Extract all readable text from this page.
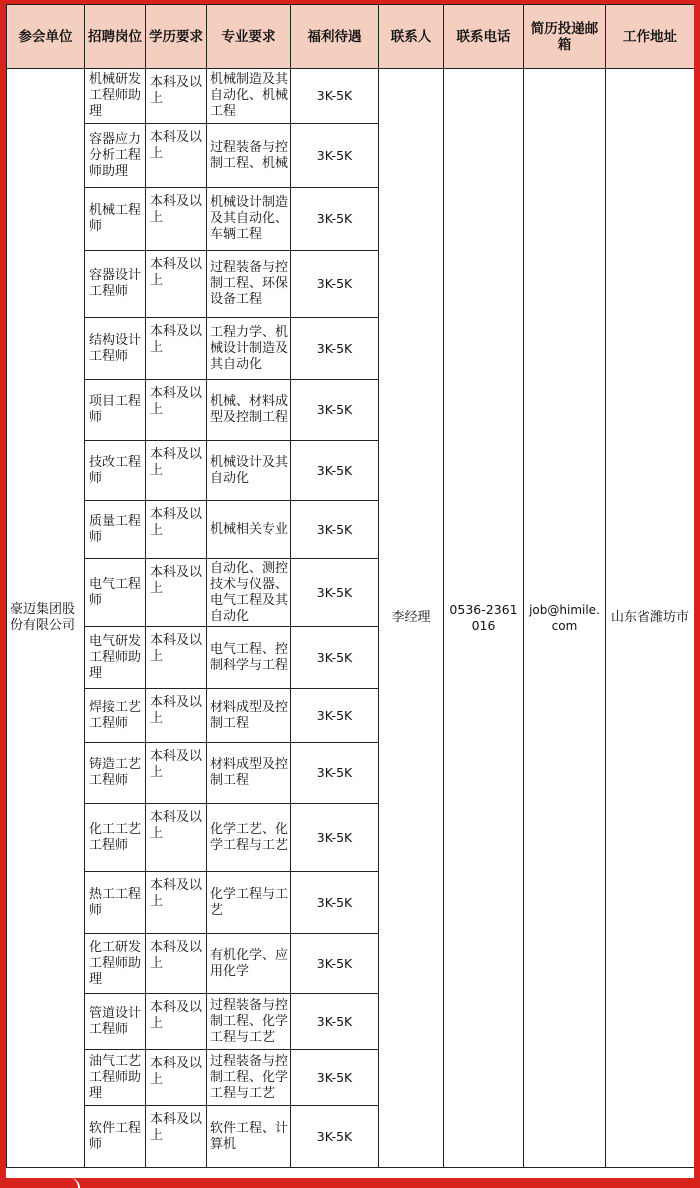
参会单位	招聘岗位	学历要求	专业要求	福利待遇	联系人	联系电话	简历投递邮箱	工作地址
豪迈集团股份有限公司	机械研发工程师助理	本科及以上	机械制造及其自动化、机械工程	3K-5K	李经理	0536-2361016	job@himile.com	山东省潍坊市
	容器应力分析工程师助理	本科及以上	过程装备与控制工程、机械	3K-5K				
	机械工程师	本科及以上	机械设计制造及其自动化、车辆工程	3K-5K				
	容器设计工程师	本科及以上	过程装备与控制工程、环保设备工程	3K-5K				
	结构设计工程师	本科及以上	工程力学、机械设计制造及其自动化	3K-5K				
	项目工程师	本科及以上	机械、材料成型及控制工程	3K-5K				
	技改工程师	本科及以上	机械设计及其自动化	3K-5K				
	质量工程师	本科及以上	机械相关专业	3K-5K				
	电气工程师	本科及以上	自动化、测控技术与仪器、电气工程及其自动化	3K-5K				
	电气研发工程师助理	本科及以上	电气工程、控制科学与工程	3K-5K				
	焊接工艺工程师	本科及以上	材料成型及控制工程	3K-5K				
	铸造工艺工程师	本科及以上	材料成型及控制工程	3K-5K				
	化工工艺工程师	本科及以上	化学工艺、化学工程与工艺	3K-5K				
	热工工程师	本科及以上	化学工程与工艺	3K-5K				
	化工研发工程师助理	本科及以上	有机化学、应用化学	3K-5K				
	管道设计工程师	本科及以上	过程装备与控制工程、化学工程与工艺	3K-5K				
	油气工艺工程师助理	本科及以上	过程装备与控制工程、化学工程与工艺	3K-5K				
	软件工程师	本科及以上	软件工程、计算机	3K-5K				
